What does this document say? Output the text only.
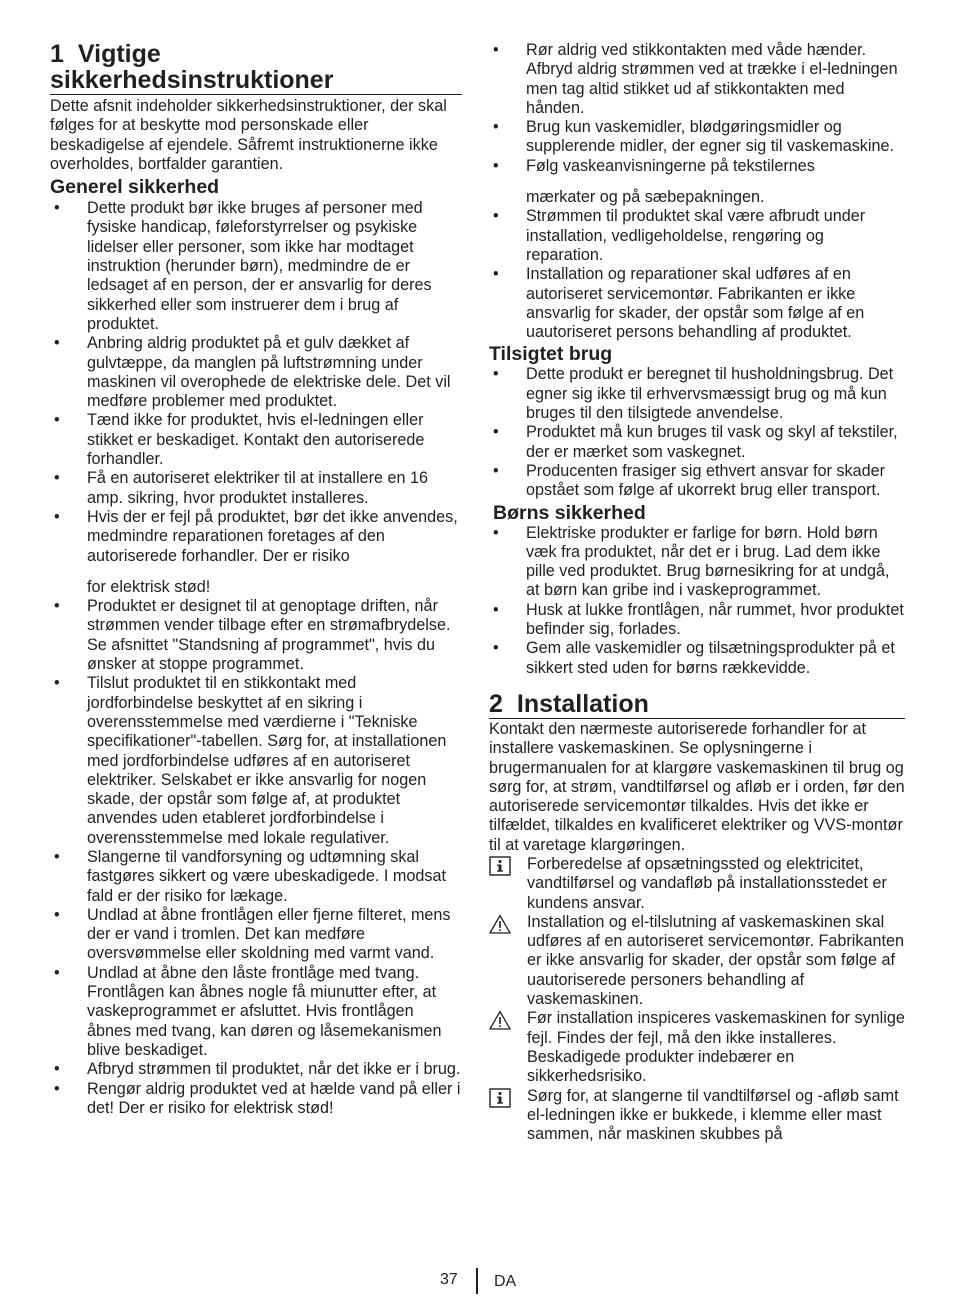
1 Vigtige
sikkerhedsinstruktioner

Dette afsnit indeholder sikkerhedsinstruktioner, der skal følges for at beskytte mod personskade eller beskadigelse af ejendele. Såfremt instruktionerne ikke overholdes, bortfalder garantien.

Generel sikkerhed
• Dette produkt bør ikke bruges af personer med fysiske handicap, føleforstyrrelser og psykiske lidelser eller personer, som ikke har modtaget instruktion (herunder børn), medmindre de er ledsaget af en person, der er ansvarlig for deres sikkerhed eller som instruerer dem i brug af produktet.
• Anbring aldrig produktet på et gulv dækket af gulvtæppe, da manglen på luftstrømning under maskinen vil overophede de elektriske dele. Det vil medføre problemer med produktet.
• Tænd ikke for produktet, hvis el-ledningen eller stikket er beskadiget. Kontakt den autoriserede forhandler.
• Få en autoriseret elektriker til at installere en 16 amp. sikring, hvor produktet installeres.
• Hvis der er fejl på produktet, bør det ikke anvendes, medmindre reparationen foretages af den autoriserede forhandler. Der er risiko
for elektrisk stød!
• Produktet er designet til at genoptage driften, når strømmen vender tilbage efter en strømafbrydelse. Se afsnittet "Standsning af programmet", hvis du ønsker at stoppe programmet.
• Tilslut produktet til en stikkontakt med jordforbindelse beskyttet af en sikring i overensstemmelse med værdierne i "Tekniske specifikationer"-tabellen. Sørg for, at installationen med jordforbindelse udføres af en autoriseret elektriker. Selskabet er ikke ansvarlig for nogen skade, der opstår som følge af, at produktet anvendes uden etableret jordforbindelse i overensstemmelse med lokale regulativer.
• Slangerne til vandforsyning og udtømning skal fastgøres sikkert og være ubeskadigede. I modsat fald er der risiko for lækage.
• Undlad at åbne frontlågen eller fjerne filteret, mens der er vand i tromlen. Det kan medføre oversvømmelse eller skoldning med varmt vand.
• Undlad at åbne den låste frontlåge med tvang. Frontlågen kan åbnes nogle få miunutter efter, at vaskeprogrammet er afsluttet. Hvis frontlågen åbnes med tvang, kan døren og låsemekanismen blive beskadiget.
• Afbryd strømmen til produktet, når det ikke er i brug.
• Rengør aldrig produktet ved at hælde vand på eller i det! Der er risiko for elektrisk stød!
• Rør aldrig ved stikkontakten med våde hænder. Afbryd aldrig strømmen ved at trække i el-ledningen men tag altid stikket ud af stikkontakten med hånden.
• Brug kun vaskemidler, blødgøringsmidler og supplerende midler, der egner sig til vaskemaskine.
• Følg vaskeanvisningerne på tekstilernes
mærkater og på sæbepakningen.
• Strømmen til produktet skal være afbrudt under installation, vedligeholdelse, rengøring og reparation.
• Installation og reparationer skal udføres af en autoriseret servicemontør. Fabrikanten er ikke ansvarlig for skader, der opstår som følge af en uautoriseret persons behandling af produktet.
Tilsigtet brug
• Dette produkt er beregnet til husholdningsbrug. Det egner sig ikke til erhvervsmæssigt brug og må kun bruges til den tilsigtede anvendelse.
• Produktet må kun bruges til vask og skyl af tekstiler, der er mærket som vaskegnet.
• Producenten frasiger sig ethvert ansvar for skader opstået som følge af ukorrekt brug eller transport.
Børns sikkerhed
• Elektriske produkter er farlige for børn. Hold børn væk fra produktet, når det er i brug. Lad dem ikke pille ved produktet. Brug børnesikring for at undgå, at børn kan gribe ind i vaskeprogrammet.
• Husk at lukke frontlågen, når rummet, hvor produktet befinder sig, forlades.
• Gem alle vaskemidler og tilsætningsprodukter på et sikkert sted uden for børns rækkevidde.
2 Installation

Kontakt den nærmeste autoriserede forhandler for at installere vaskemaskinen. Se oplysningerne i brugermanualen for at klargøre vaskemaskinen til brug og sørg for, at strøm, vandtilførsel og afløb er i orden, før den autoriserede servicemontør tilkaldes. Hvis det ikke er tilfældet, tilkaldes en kvalificeret elektriker og VVS-montør til at varetage klargøringen.

Forberedelse af opsætningssted og elektricitet, vandtilførsel og vandafløb på installationsstedet er kundens ansvar.
Installation og el-tilslutning af vaskemaskinen skal udføres af en autoriseret servicemontør. Fabrikanten er ikke ansvarlig for skader, der opstår som følge af uautoriserede personers behandling af vaskemaskinen.
Før installation inspiceres vaskemaskinen for synlige fejl. Findes der fejl, må den ikke installeres. Beskadigede produkter indebærer en sikkerhedsrisiko.
Sørg for, at slangerne til vandtilførsel og -afløb samt el-ledningen ikke er bukkede, i klemme eller mast sammen, når maskinen skubbes på
37 DA
